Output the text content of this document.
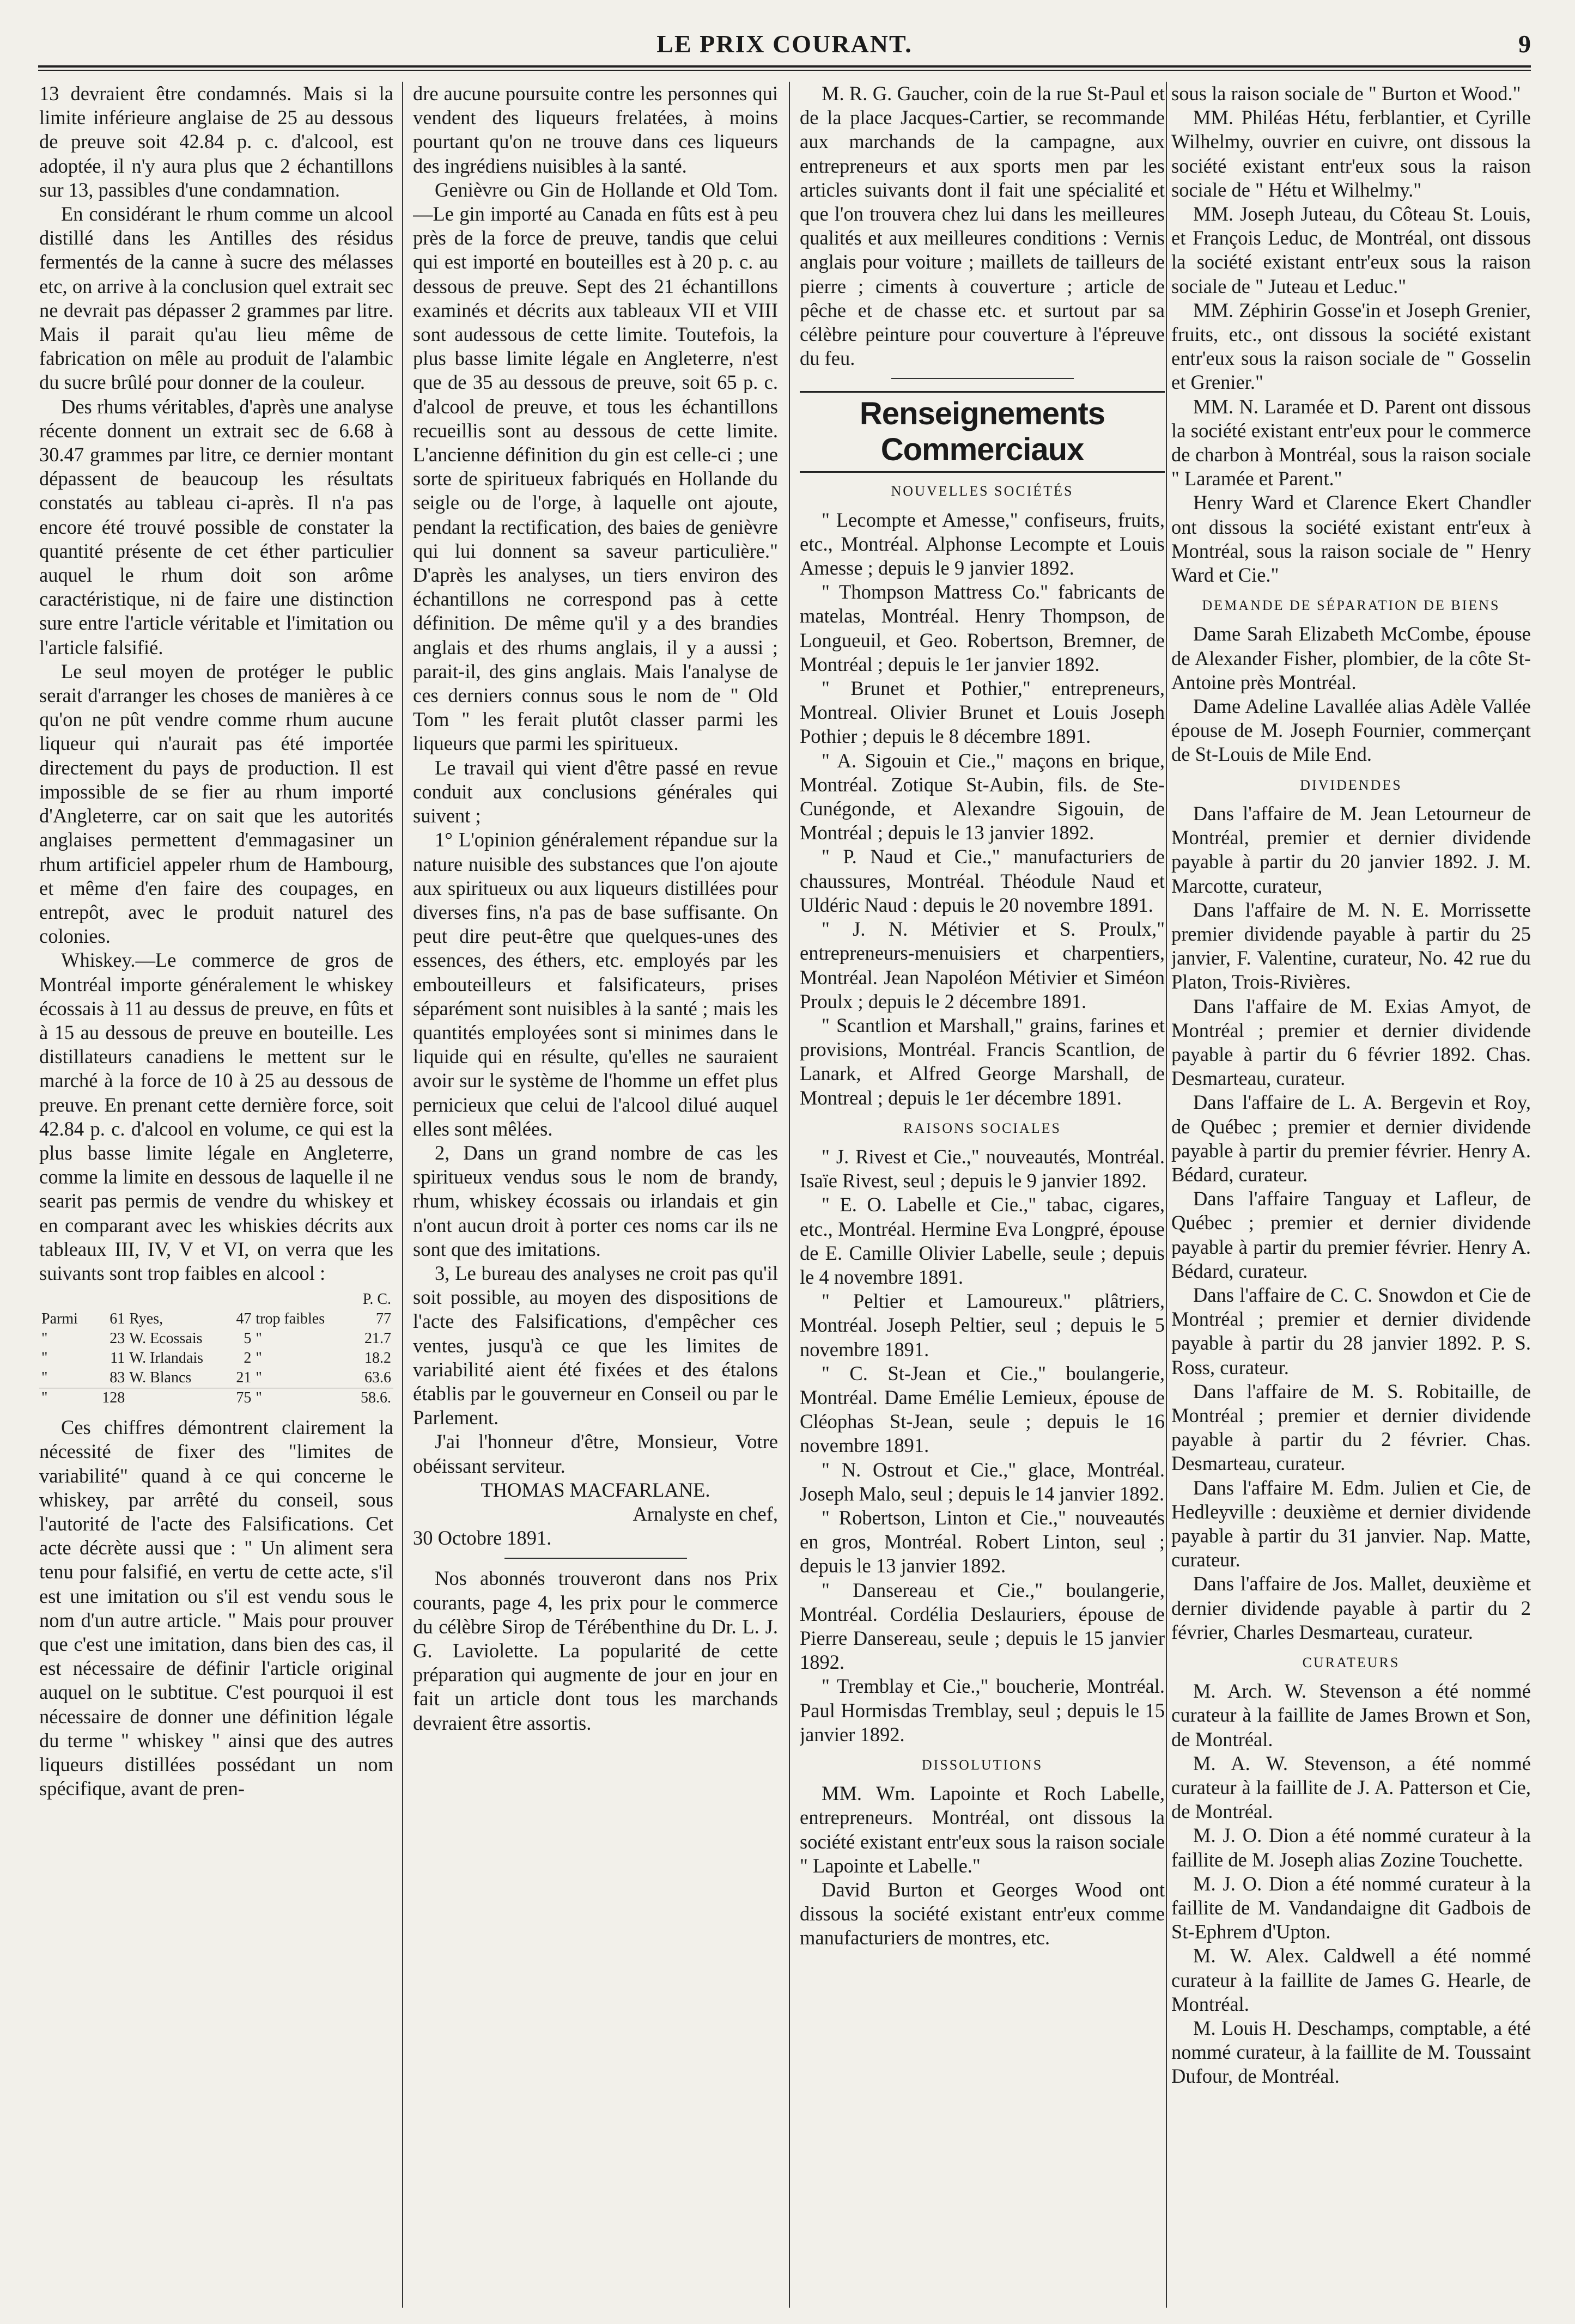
LE PRIX COURANT.	9

13 devraient être condamnés. Mais si la limite inférieure anglaise de 25 au dessous de preuve soit 42.84 p. c. d'alcool, est adoptée, il n'y aura plus que 2 échantillons sur 13, passibles d'une condamnation.

En considérant le rhum comme un alcool distillé dans les Antilles des résidus fermentés de la canne à sucre des mélasses etc, on arrive à la conclusion quel extrait sec ne devrait pas dépasser 2 grammes par litre. Mais il parait qu'au lieu même de fabrication on mêle au produit de l'alambic du sucre brûlé pour donner de la couleur.

Des rhums véritables, d'après une analyse récente donnent un extrait sec de 6.68 à 30.47 grammes par litre, ce dernier montant dépassent de beaucoup les résultats constatés au tableau ci-après. Il n'a pas encore été trouvé possible de constater la quantité présente de cet éther particulier auquel le rhum doit son arôme caractéristique, ni de faire une distinction sure entre l'article véritable et l'imitation ou l'article falsifié.

Le seul moyen de protéger le public serait d'arranger les choses de manières à ce qu'on ne pût vendre comme rhum aucune liqueur qui n'aurait pas été importée directement du pays de production. Il est impossible de se fier au rhum importé d'Angleterre, car on sait que les autorités anglaises permettent d'emmagasiner un rhum artificiel appeler rhum de Hambourg, et même d'en faire des coupages, en entrepôt, avec le produit naturel des colonies.

Whiskey.—Le commerce de gros de Montréal importe généralement le whiskey écossais à 11 au dessus de preuve, en fûts et à 15 au dessous de preuve en bouteille. Les distillateurs canadiens le mettent sur le marché à la force de 10 à 25 au dessous de preuve. En prenant cette dernière force, soit 42.84 p. c. d'alcool en volume, ce qui est la plus basse limite légale en Angleterre, comme la limite en dessous de laquelle il ne searit pas permis de vendre du whiskey et en comparant avec les whiskies décrits aux tableaux III, IV, V et VI, on verra que les suivants sont trop faibles en alcool :

					P. C.
Parmi	61	Ryes,	47	trop faibles	77
"	23	W. Ecossais	5	"	21.7
"	11	W. Irlandais	2	"	18.2
"	83	W. Blancs	21	"	63.6
"	128		75	"	58.6.

Ces chiffres démontrent clairement la nécessité de fixer des "limites de variabilité" quand à ce qui concerne le whiskey, par arrêté du conseil, sous l'autorité de l'acte des Falsifications. Cet acte décrète aussi que : " Un aliment sera tenu pour falsifié, en vertu de cette acte, s'il est une imitation ou s'il est vendu sous le nom d'un autre article. " Mais pour prouver que c'est une imitation, dans bien des cas, il est nécessaire de définir l'article original auquel on le subtitue. C'est pourquoi il est nécessaire de donner une définition légale du terme " whiskey " ainsi que des autres liqueurs distillées possédant un nom spécifique, avant de pren-

dre aucune poursuite contre les personnes qui vendent des liqueurs frelatées, à moins pourtant qu'on ne trouve dans ces liqueurs des ingrédiens nuisibles à la santé.

Genièvre ou Gin de Hollande et Old Tom.—Le gin importé au Canada en fûts est à peu près de la force de preuve, tandis que celui qui est importé en bouteilles est à 20 p. c. au dessous de preuve. Sept des 21 échantillons examinés et décrits aux tableaux VII et VIII sont audessous de cette limite. Toutefois, la plus basse limite légale en Angleterre, n'est que de 35 au dessous de preuve, soit 65 p. c. d'alcool de preuve, et tous les échantillons recueillis sont au dessous de cette limite. L'ancienne définition du gin est celle-ci ; une sorte de spiritueux fabriqués en Hollande du seigle ou de l'orge, à laquelle ont ajoute, pendant la rectification, des baies de genièvre qui lui donnent sa saveur particulière." D'après les analyses, un tiers environ des échantillons ne correspond pas à cette définition. De même qu'il y a des brandies anglais et des rhums anglais, il y a aussi ; parait-il, des gins anglais. Mais l'analyse de ces derniers connus sous le nom de " Old Tom " les ferait plutôt classer parmi les liqueurs que parmi les spiritueux.

Le travail qui vient d'être passé en revue conduit aux conclusions générales qui suivent ;

1° L'opinion généralement répandue sur la nature nuisible des substances que l'on ajoute aux spiritueux ou aux liqueurs distillées pour diverses fins, n'a pas de base suffisante. On peut dire peut-être que quelques-unes des essences, des éthers, etc. employés par les embouteilleurs et falsificateurs, prises séparément sont nuisibles à la santé ; mais les quantités employées sont si minimes dans le liquide qui en résulte, qu'elles ne sauraient avoir sur le système de l'homme un effet plus pernicieux que celui de l'alcool dilué auquel elles sont mêlées.

2, Dans un grand nombre de cas les spiritueux vendus sous le nom de brandy, rhum, whiskey écossais ou irlandais et gin n'ont aucun droit à porter ces noms car ils ne sont que des imitations.

3, Le bureau des analyses ne croit pas qu'il soit possible, au moyen des dispositions de l'acte des Falsifications, d'empêcher ces ventes, jusqu'à ce que les limites de variabilité aient été fixées et des étalons établis par le gouverneur en Conseil ou par le Parlement.

J'ai l'honneur d'être, Monsieur, Votre obéissant serviteur.

THOMAS MACFARLANE.

Arnalyste en chef,

30 Octobre 1891.

Nos abonnés trouveront dans nos Prix courants, page 4, les prix pour le commerce du célèbre Sirop de Térébenthine du Dr. L. J. G. Laviolette. La popularité de cette préparation qui augmente de jour en jour en fait un article dont tous les marchands devraient être assortis.

M. R. G. Gaucher, coin de la rue St-Paul et de la place Jacques-Cartier, se recommande aux marchands de la campagne, aux entrepreneurs et aux sports men par les articles suivants dont il fait une spécialité et que l'on trouvera chez lui dans les meilleures qualités et aux meilleures conditions : Vernis anglais pour voiture ; maillets de tailleurs de pierre ; ciments à couverture ; article de pêche et de chasse etc. et surtout par sa célèbre peinture pour couverture à l'épreuve du feu.

Renseignements Commerciaux

NOUVELLES SOCIÉTÉS

" Lecompte et Amesse," confiseurs, fruits, etc., Montréal. Alphonse Lecompte et Louis Amesse ; depuis le 9 janvier 1892.

" Thompson Mattress Co." fabricants de matelas, Montréal. Henry Thompson, de Longueuil, et Geo. Robertson, Bremner, de Montréal ; depuis le 1er janvier 1892.

" Brunet et Pothier," entrepreneurs, Montreal. Olivier Brunet et Louis Joseph Pothier ; depuis le 8 décembre 1891.

" A. Sigouin et Cie.," maçons en brique, Montréal. Zotique St-Aubin, fils. de Ste-Cunégonde, et Alexandre Sigouin, de Montréal ; depuis le 13 janvier 1892.

" P. Naud et Cie.," manufacturiers de chaussures, Montréal. Théodule Naud et Uldéric Naud : depuis le 20 novembre 1891.

" J. N. Métivier et S. Proulx," entrepreneurs-menuisiers et charpentiers, Montréal. Jean Napoléon Métivier et Siméon Proulx ; depuis le 2 décembre 1891.

" Scantlion et Marshall," grains, farines et provisions, Montréal. Francis Scantlion, de Lanark, et Alfred George Marshall, de Montreal ; depuis le 1er décembre 1891.

RAISONS SOCIALES

" J. Rivest et Cie.," nouveautés, Montréal. Isaïe Rivest, seul ; depuis le 9 janvier 1892.

" E. O. Labelle et Cie.," tabac, cigares, etc., Montréal. Hermine Eva Longpré, épouse de E. Camille Olivier Labelle, seule ; depuis le 4 novembre 1891.

" Peltier et Lamoureux." plâtriers, Montréal. Joseph Peltier, seul ; depuis le 5 novembre 1891.

" C. St-Jean et Cie.," boulangerie, Montréal. Dame Emélie Lemieux, épouse de Cléophas St-Jean, seule ; depuis le 16 novembre 1891.

" N. Ostrout et Cie.," glace, Montréal. Joseph Malo, seul ; depuis le 14 janvier 1892.

" Robertson, Linton et Cie.," nouveautés en gros, Montréal. Robert Linton, seul ; depuis le 13 janvier 1892.

" Dansereau et Cie.," boulangerie, Montréal. Cordélia Deslauriers, épouse de Pierre Dansereau, seule ; depuis le 15 janvier 1892.

" Tremblay et Cie.," boucherie, Montréal. Paul Hormisdas Tremblay, seul ; depuis le 15 janvier 1892.

DISSOLUTIONS

MM. Wm. Lapointe et Roch Labelle, entrepreneurs. Montréal, ont dissous la société existant entr'eux sous la raison sociale " Lapointe et Labelle."

David Burton et Georges Wood ont dissous la société existant entr'eux comme manufacturiers de montres, etc.

sous la raison sociale de " Burton et Wood."

MM. Philéas Hétu, ferblantier, et Cyrille Wilhelmy, ouvrier en cuivre, ont dissous la société existant entr'eux sous la raison sociale de " Hétu et Wilhelmy."

MM. Joseph Juteau, du Côteau St. Louis, et François Leduc, de Montréal, ont dissous la société existant entr'eux sous la raison sociale de " Juteau et Leduc."

MM. Zéphirin Gosse'in et Joseph Grenier, fruits, etc., ont dissous la société existant entr'eux sous la raison sociale de " Gosselin et Grenier."

MM. N. Laramée et D. Parent ont dissous la société existant entr'eux pour le commerce de charbon à Montréal, sous la raison sociale " Laramée et Parent."

Henry Ward et Clarence Ekert Chandler ont dissous la société existant entr'eux à Montréal, sous la raison sociale de " Henry Ward et Cie."

DEMANDE DE SÉPARATION DE BIENS

Dame Sarah Elizabeth McCombe, épouse de Alexander Fisher, plombier, de la côte St-Antoine près Montréal.

Dame Adeline Lavallée alias Adèle Vallée épouse de M. Joseph Fournier, commerçant de St-Louis de Mile End.

DIVIDENDES

Dans l'affaire de M. Jean Letourneur de Montréal, premier et dernier dividende payable à partir du 20 janvier 1892. J. M. Marcotte, curateur,

Dans l'affaire de M. N. E. Morrissette premier dividende payable à partir du 25 janvier, F. Valentine, curateur, No. 42 rue du Platon, Trois-Rivières.

Dans l'affaire de M. Exias Amyot, de Montréal ; premier et dernier dividende payable à partir du 6 février 1892. Chas. Desmarteau, curateur.

Dans l'affaire de L. A. Bergevin et Roy, de Québec ; premier et dernier dividende payable à partir du premier février. Henry A. Bédard, curateur.

Dans l'affaire Tanguay et Lafleur, de Québec ; premier et dernier dividende payable à partir du premier février. Henry A. Bédard, curateur.

Dans l'affaire de C. C. Snowdon et Cie de Montréal ; premier et dernier dividende payable à partir du 28 janvier 1892. P. S. Ross, curateur.

Dans l'affaire de M. S. Robitaille, de Montréal ; premier et dernier dividende payable à partir du 2 février. Chas. Desmarteau, curateur.

Dans l'affaire M. Edm. Julien et Cie, de Hedleyville : deuxième et dernier dividende payable à partir du 31 janvier. Nap. Matte, curateur.

Dans l'affaire de Jos. Mallet, deuxième et dernier dividende payable à partir du 2 février, Charles Desmarteau, curateur.

CURATEURS

M. Arch. W. Stevenson a été nommé curateur à la faillite de James Brown et Son, de Montréal.

M. A. W. Stevenson, a été nommé curateur à la faillite de J. A. Patterson et Cie, de Montréal.

M. J. O. Dion a été nommé curateur à la faillite de M. Joseph alias Zozine Touchette.

M. J. O. Dion a été nommé curateur à la faillite de M. Vandandaigne dit Gadbois de St-Ephrem d'Upton.

M. W. Alex. Caldwell a été nommé curateur à la faillite de James G. Hearle, de Montréal.

M. Louis H. Deschamps, comptable, a été nommé curateur, à la faillite de M. Toussaint Dufour, de Montréal.
